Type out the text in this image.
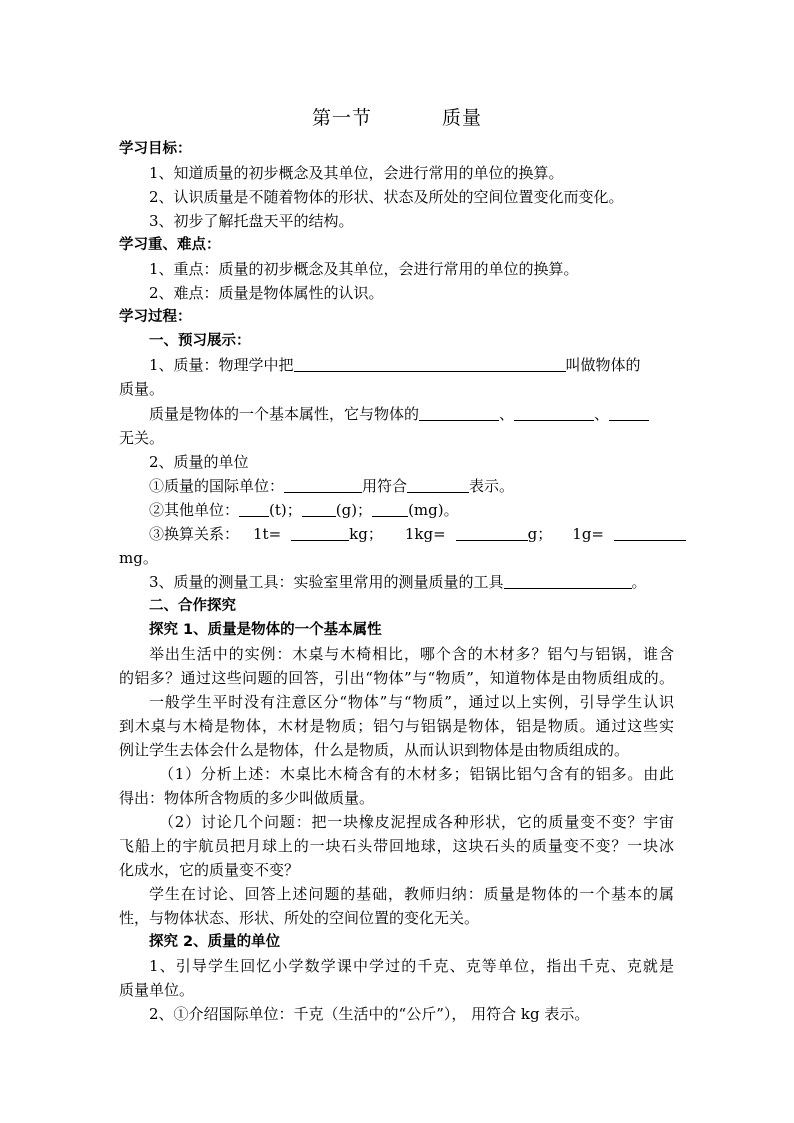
第一节	质量
学习目标：
1、知道质量的初步概念及其单位，会进行常用的单位的换算。
2、认识质量是不随着物体的形状、状态及所处的空间位置变化而变化。
3、初步了解托盘天平的结构。
学习重、难点：
1、重点：质量的初步概念及其单位，会进行常用的单位的换算。
2、难点：质量是物体属性的认识。
学习过程：
一、预习展示：
1、质量：物理学中把	叫做物体的
质量。
质量是物体的一个基本属性，它与物体的	、	、
无关。
2、质量的单位
①质量的国际单位：	用符合	表示。
②其他单位： (t)； (g)； (mg)。
③换算关系： 1t=	kg； 1kg=	g； 1g=
mg。
3、质量的测量工具：实验室里常用的测量质量的工具	。
二、合作探究
探究 1、质量是物体的一个基本属性
举出生活中的实例：木桌与木椅相比，哪个含的木材多？铝勺与铝锅，谁含
的铝多？通过这些问题的回答，引出“物体”与“物质”，知道物体是由物质组成的。
一般学生平时没有注意区分“物体”与“物质”，通过以上实例，引导学生认识
到木桌与木椅是物体，木材是物质；铝勺与铝锅是物体，铝是物质。通过这些实
例让学生去体会什么是物体，什么是物质，从而认识到物体是由物质组成的。
（1）分析上述：木桌比木椅含有的木材多；铝锅比铝勺含有的铝多。由此
得出：物体所含物质的多少叫做质量。
（2）讨论几个问题：把一块橡皮泥捏成各种形状，它的质量变不变？宇宙
飞船上的宇航员把月球上的一块石头带回地球，这块石头的质量变不变？一块冰
化成水，它的质量变不变？
学生在讨论、回答上述问题的基础，教师归纳：质量是物体的一个基本的属
性，与物体状态、形状、所处的空间位置的变化无关。
探究 2、质量的单位
1、引导学生回忆小学数学课中学过的千克、克等单位，指出千克、克就是
质量单位。
2、①介绍国际单位：千克（生活中的“公斤”）， 用符合 kg 表示。
